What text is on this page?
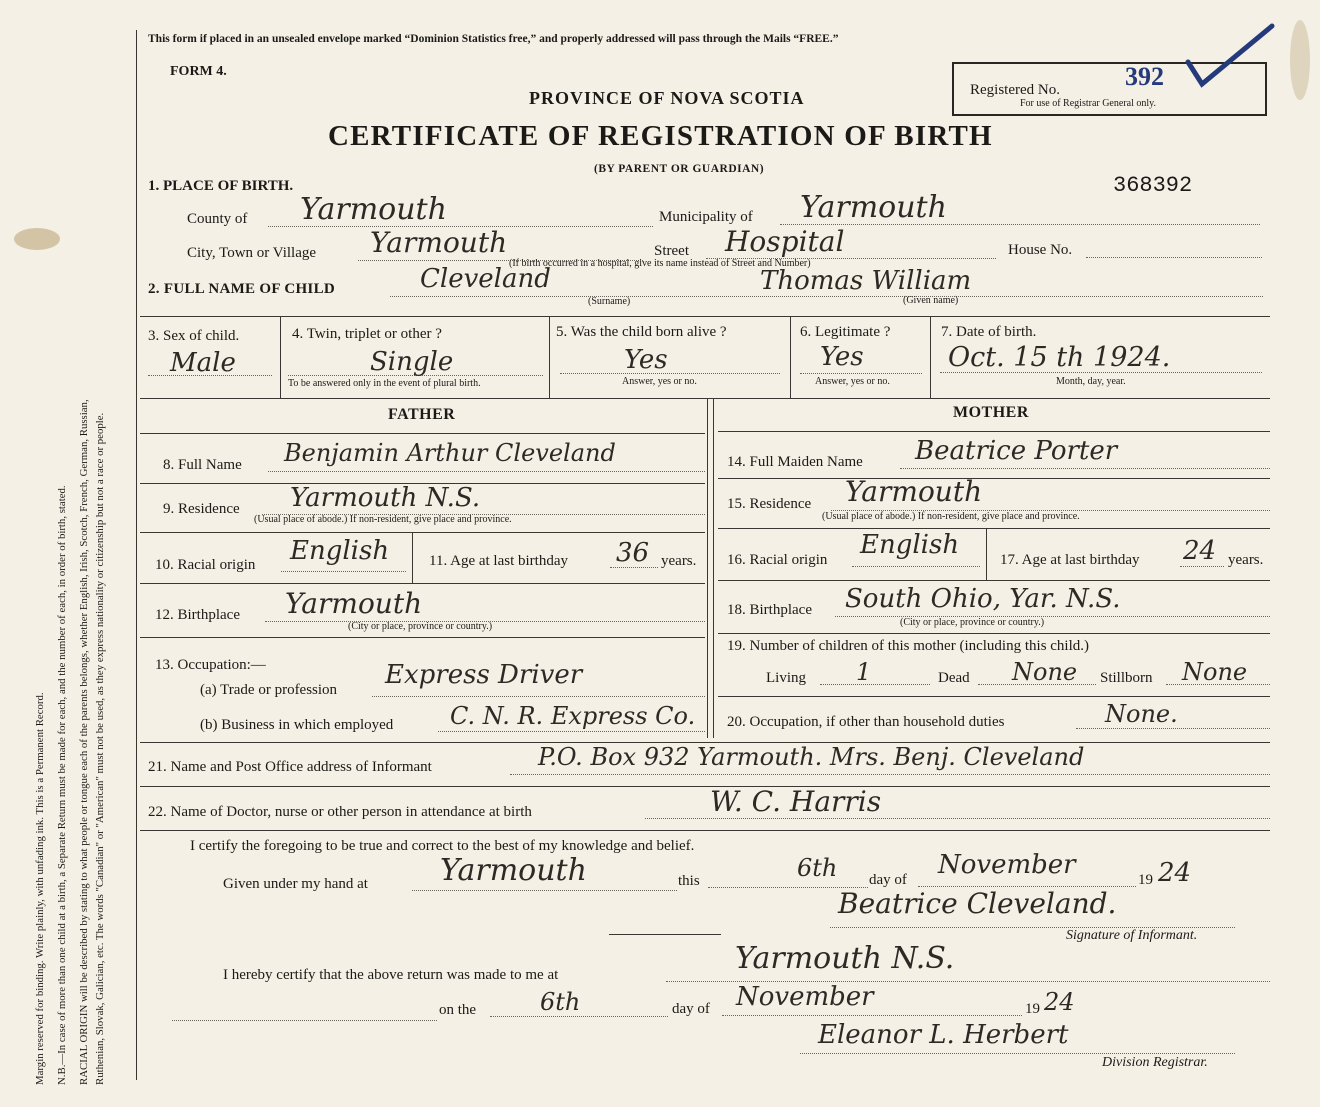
Margin reserved for binding. Write plainly, with unfading ink. This is a Permanent Record. N.B.—In case of more than one child at a birth, a Separate Return must be made for each, and the number of each, in order of birth, stated. RACIAL ORIGIN will be described by stating to what people or tongue each of the parents belongs, whether English, Irish, Scotch, French, German, Russian, Ruthenian, Slovak, Galician, etc. The words "Canadian" or "American" must not be used, as they express nationality or citizenship but not a race or people.
This form if placed in an unsealed envelope marked “Dominion Statistics free,” and properly addressed will pass through the Mails “FREE.”
FORM 4.
PROVINCE OF NOVA SCOTIA
CERTIFICATE OF REGISTRATION OF BIRTH
(BY PARENT OR GUARDIAN)
Registered No.	392
For use of Registrar General only.
368392
1. PLACE OF BIRTH.
County of Yarmouth	Municipality of Yarmouth
City, Town or Village Yarmouth	Street Hospital	House No.
(If birth occurred in a hospital, give its name instead of Street and Number)
2. FULL NAME OF CHILD	Cleveland	Thomas William
(Surname)	(Given name)
3. Sex of child.
Male
4. Twin, triplet or other ?
Single
To be answered only in the event of plural birth.
5. Was the child born alive ?
Yes
Answer, yes or no.
6. Legitimate ?
Yes
Answer, yes or no.
7. Date of birth.
Oct. 15 th 1924.
Month, day, year.
FATHER	MOTHER
8. Full Name Benjamin Arthur Cleveland
9. Residence Yarmouth N.S.
(Usual place of abode.) If non-resident, give place and province.
10. Racial origin English	11. Age at last birthday 36 years.
12. Birthplace Yarmouth
(City or place, province or country.)
13. Occupation:—
(a) Trade or profession Express Driver
(b) Business in which employed C. N. R. Express Co.
14. Full Maiden Name Beatrice Porter
15. Residence Yarmouth
(Usual place of abode.) If non-resident, give place and province.
16. Racial origin English	17. Age at last birthday 24 years.
18. Birthplace South Ohio, Yar. N.S.
(City or place, province or country.)
19. Number of children of this mother (including this child.)
Living 1	Dead None Stillborn None
20. Occupation, if other than household duties	None.
21. Name and Post Office address of Informant	P.O. Box 932 Yarmouth. Mrs. Benj. Cleveland
22. Name of Doctor, nurse or other person in attendance at birth	W. C. Harris
I certify the foregoing to be true and correct to the best of my knowledge and belief.
Given under my hand at Yarmouth	this	6th day of November	19 24
Beatrice Cleveland.
Signature of Informant.
I hereby certify that the above return was made to me at	Yarmouth N.S.
on the	6th	day of November	19 24
Eleanor L. Herbert
Division Registrar.
